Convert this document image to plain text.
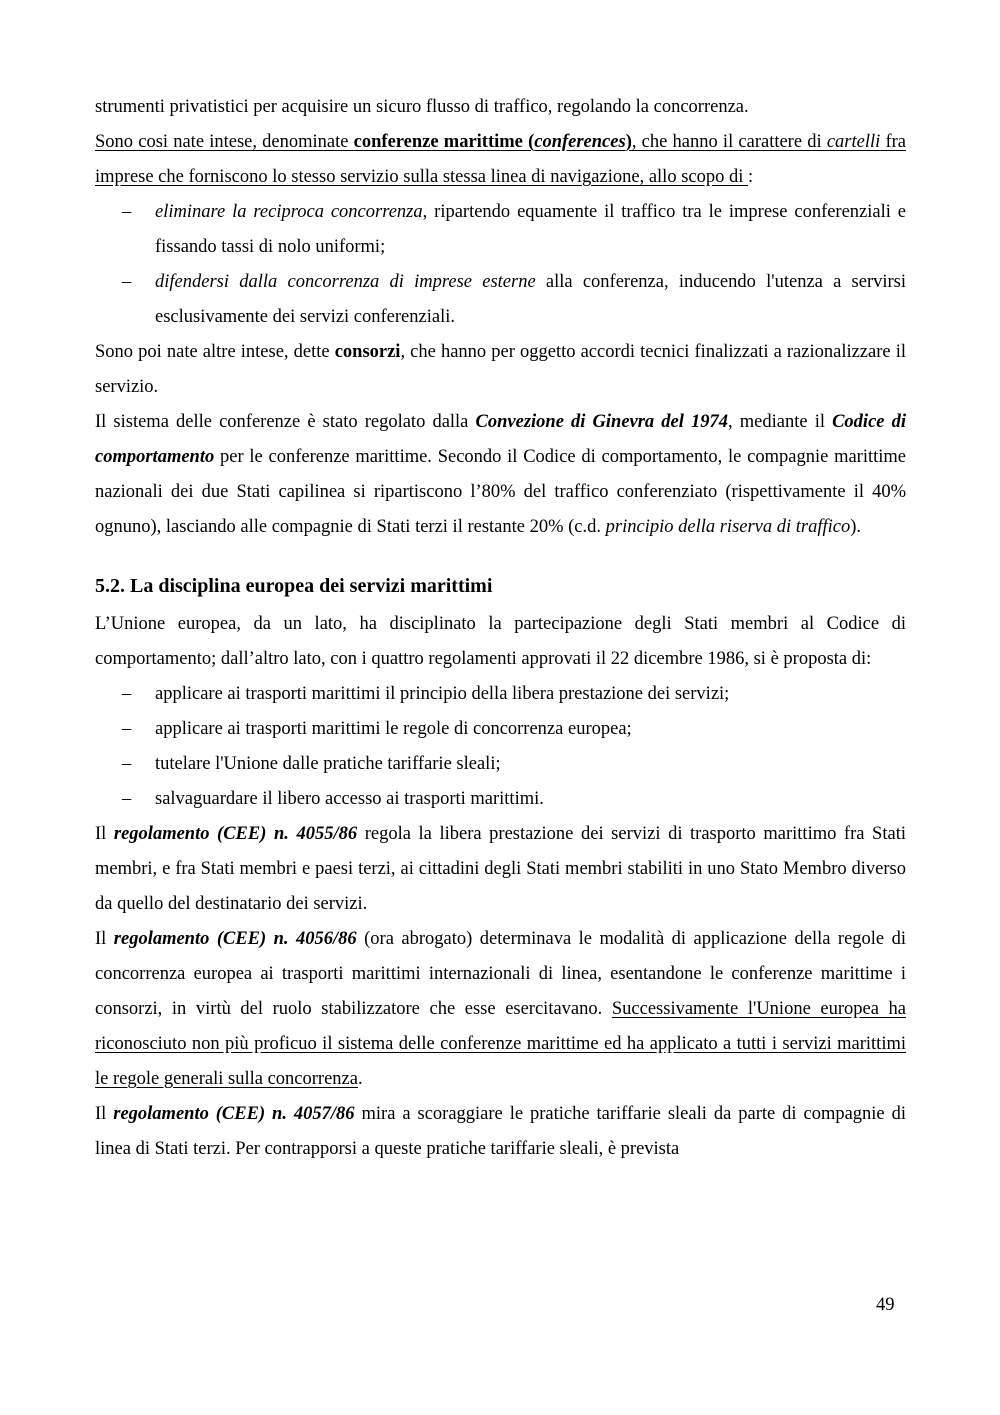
strumenti privatistici per acquisire un sicuro flusso di traffico, regolando la concorrenza.

Sono cosi nate intese, denominate conferenze marittime (conferences), che hanno il carattere di cartelli fra imprese che forniscono lo stesso servizio sulla stessa linea di navigazione, allo scopo di :

– eliminare la reciproca concorrenza, ripartendo equamente il traffico tra le imprese conferenziali e fissando tassi di nolo uniformi;
– difendersi dalla concorrenza di imprese esterne alla conferenza, inducendo l'utenza a servirsi esclusivamente dei servizi conferenziali.

Sono poi nate altre intese, dette consorzi, che hanno per oggetto accordi tecnici finalizzati a razionalizzare il servizio.

Il sistema delle conferenze è stato regolato dalla Convezione di Ginevra del 1974, mediante il Codice di comportamento per le conferenze marittime. Secondo il Codice di comportamento, le compagnie marittime nazionali dei due Stati capilinea si ripartiscono l’80% del traffico conferenziato (rispettivamente il 40% ognuno), lasciando alle compagnie di Stati terzi il restante 20% (c.d. principio della riserva di traffico).

5.2. La disciplina europea dei servizi marittimi

L’Unione europea, da un lato, ha disciplinato la partecipazione degli Stati membri al Codice di comportamento; dall’altro lato, con i quattro regolamenti approvati il 22 dicembre 1986, si è proposta di:

– applicare ai trasporti marittimi il principio della libera prestazione dei servizi;
– applicare ai trasporti marittimi le regole di concorrenza europea;
– tutelare l'Unione dalle pratiche tariffarie sleali;
– salvaguardare il libero accesso ai trasporti marittimi.

Il regolamento (CEE) n. 4055/86 regola la libera prestazione dei servizi di trasporto marittimo fra Stati membri, e fra Stati membri e paesi terzi, ai cittadini degli Stati membri stabiliti in uno Stato Membro diverso da quello del destinatario dei servizi.

Il regolamento (CEE) n. 4056/86 (ora abrogato) determinava le modalità di applicazione della regole di concorrenza europea ai trasporti marittimi internazionali di linea, esentandone le conferenze marittime i consorzi, in virtù del ruolo stabilizzatore che esse esercitavano. Successivamente l'Unione europea ha riconosciuto non più proficuo il sistema delle conferenze marittime ed ha applicato a tutti i servizi marittimi le regole generali sulla concorrenza.

Il regolamento (CEE) n. 4057/86 mira a scoraggiare le pratiche tariffarie sleali da parte di compagnie di linea di Stati terzi. Per contrapporsi a queste pratiche tariffarie sleali, è prevista

49
